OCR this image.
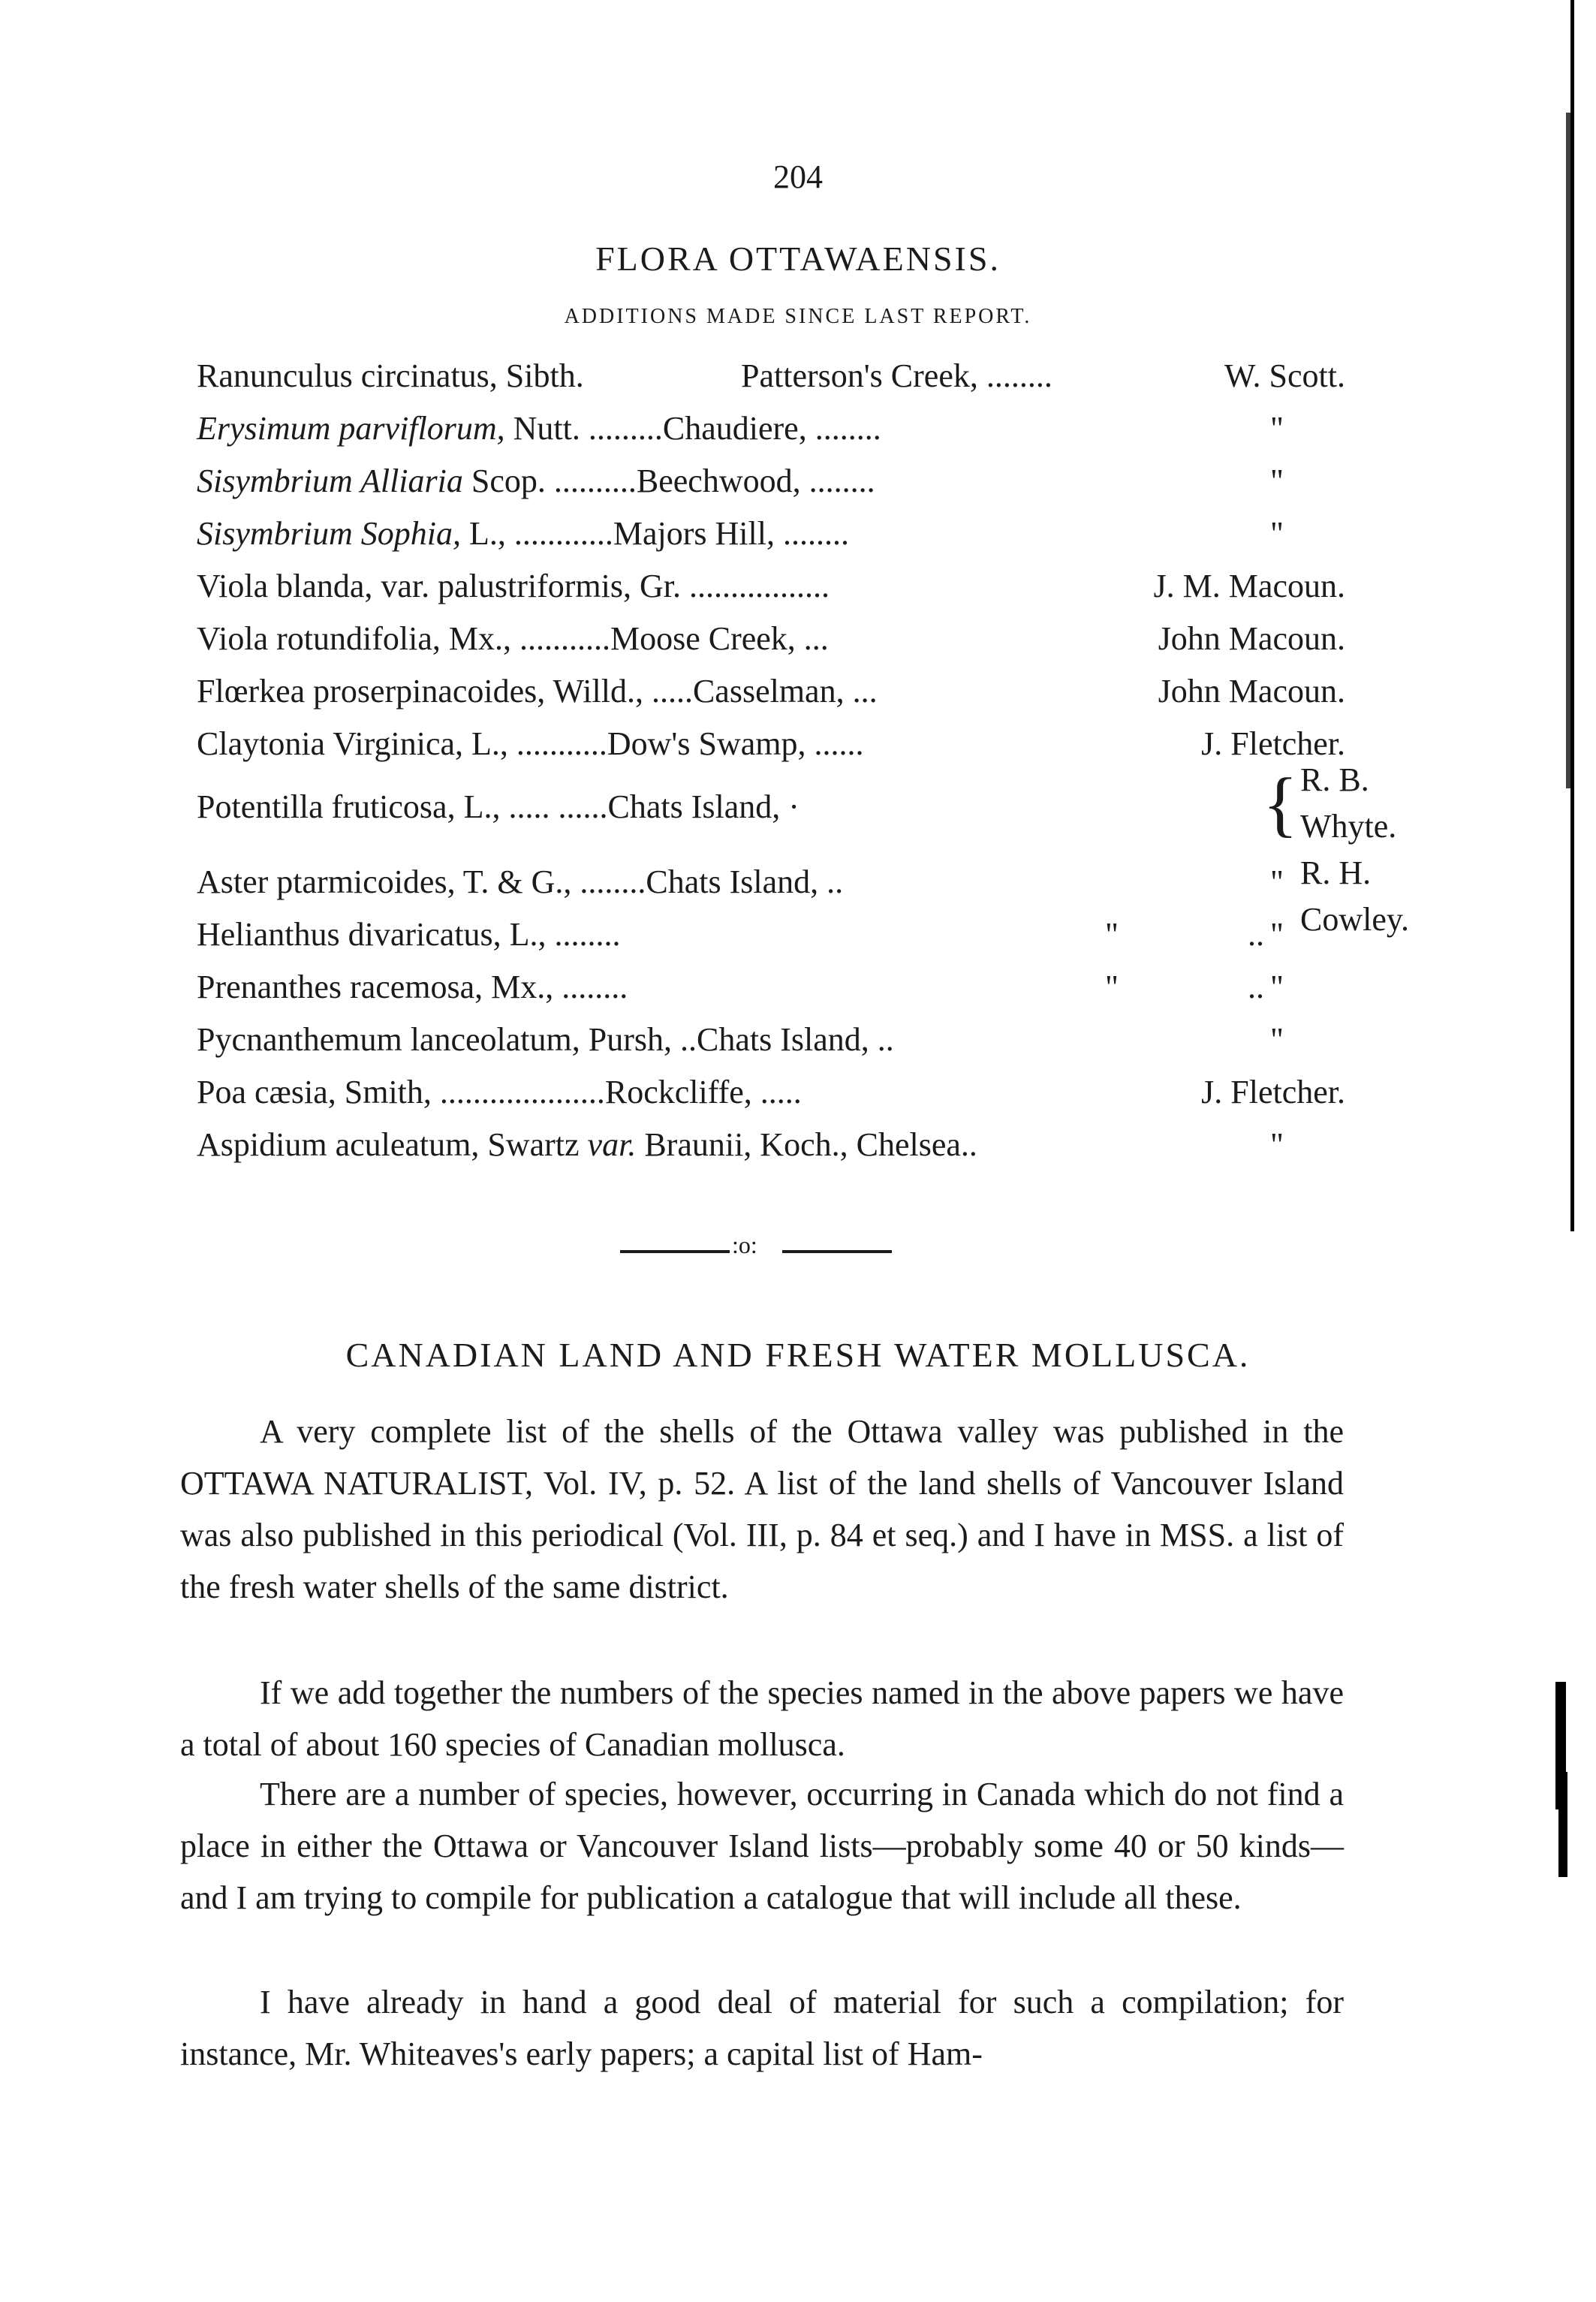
204
FLORA OTTAWAENSIS.
ADDITIONS MADE SINCE LAST REPORT.
Ranunculus circinatus, Sibth.	Patterson's Creek, ........	W. Scott.
Erysimum parviflorum, Nutt. .........Chaudiere, ........	"
Sisymbrium Alliaria Scop. ..........Beechwood, ........	"
Sisymbrium Sophia, L., ............Majors Hill, ........	"
Viola blanda, var. palustriformis, Gr. .................	J. M. Macoun.
Viola rotundifolia, Mx., ...........Moose Creek, ...	John Macoun.
Flœrkea proserpinacoides, Willd., .....Casselman, ...	John Macoun.
Claytonia Virginica, L., ...........Dow's Swamp, ......	J. Fletcher.
Potentilla fruticosa, L., ..... ......Chats Island, ·	{ R. B. Whyte.
R. H. Cowley.
Aster ptarmicoides, T. & G., ........Chats Island, ..	"
Helianthus divaricatus, L., ........	"	.. "
Prenanthes racemosa, Mx., ........	"	.. "
Pycnanthemum lanceolatum, Pursh, ..Chats Island, ..	"
Poa cæsia, Smith, ....................Rockcliffe, .....	J. Fletcher.
Aspidium aculeatum, Swartz var. Braunii, Koch., Chelsea..	"
:o:
CANADIAN LAND AND FRESH WATER MOLLUSCA.
A very complete list of the shells of the Ottawa valley was published in the OTTAWA NATURALIST, Vol. IV, p. 52. A list of the land shells of Vancouver Island was also published in this periodical (Vol. III, p. 84 et seq.) and I have in MSS. a list of the fresh water shells of the same district.
If we add together the numbers of the species named in the above papers we have a total of about 160 species of Canadian mollusca.
There are a number of species, however, occurring in Canada which do not find a place in either the Ottawa or Vancouver Island lists—probably some 40 or 50 kinds—and I am trying to compile for publication a catalogue that will include all these.
I have already in hand a good deal of material for such a compilation; for instance, Mr. Whiteaves's early papers; a capital list of Ham-
